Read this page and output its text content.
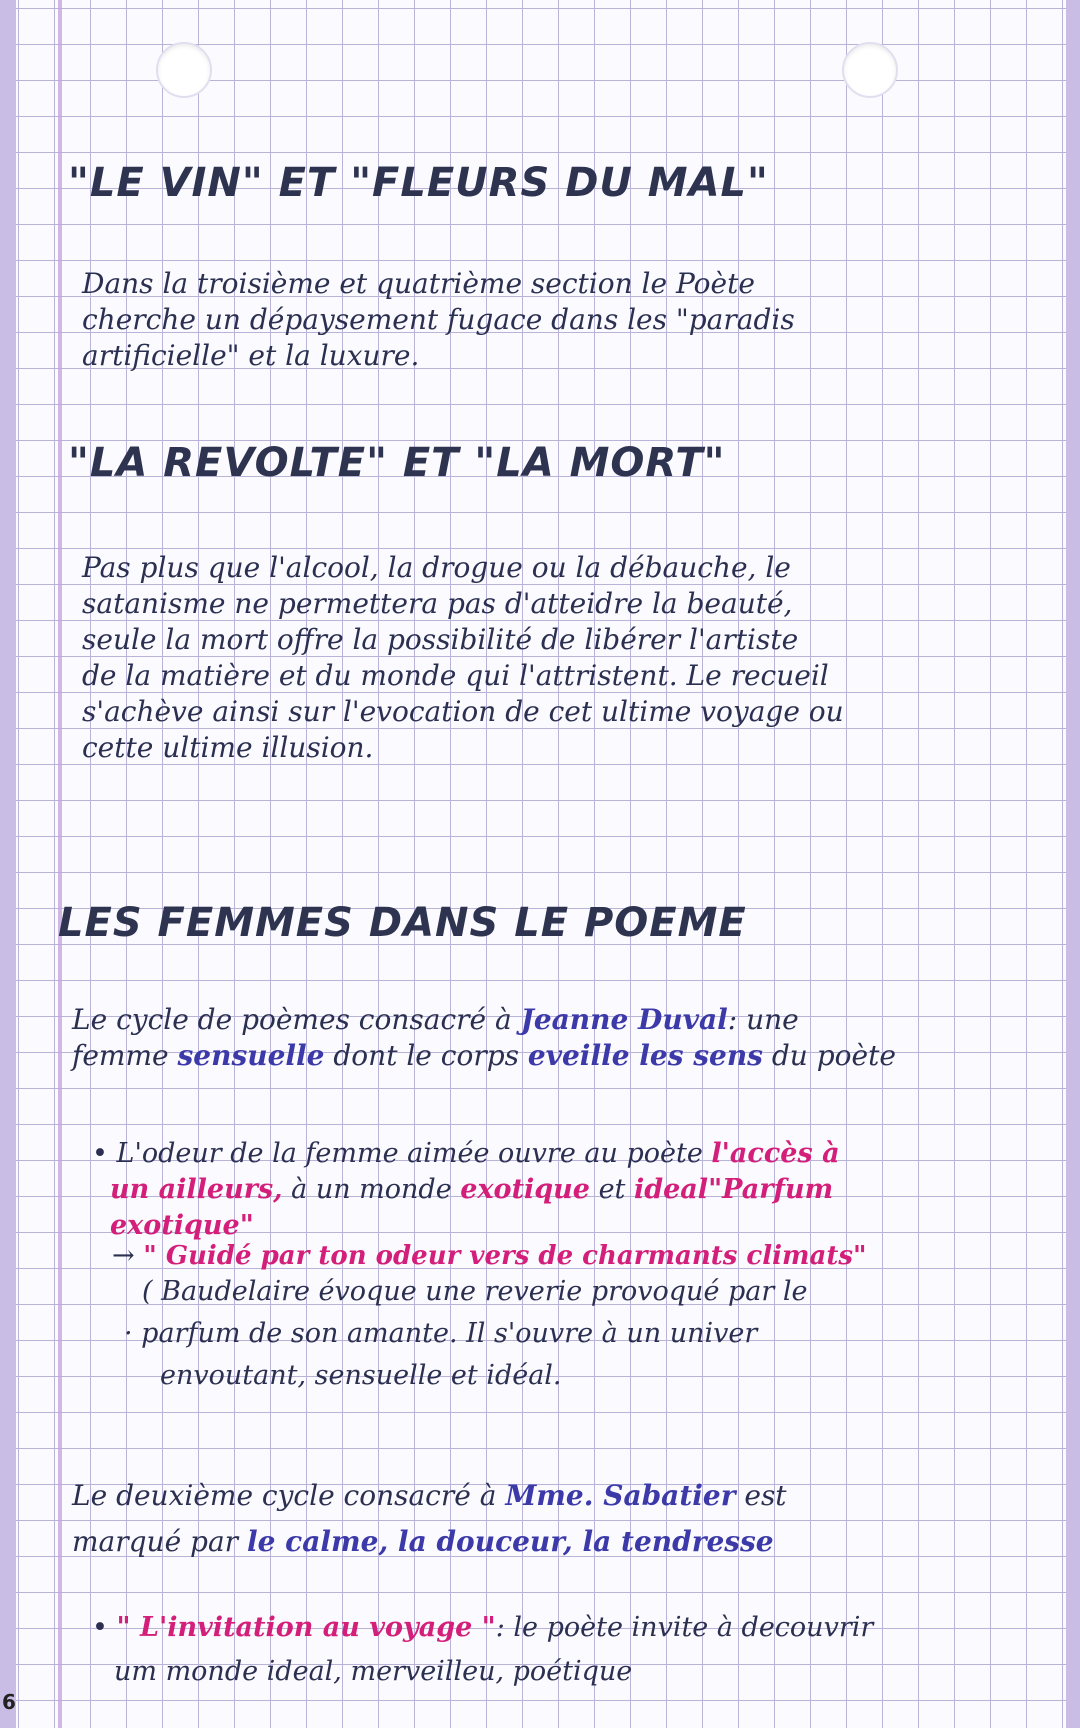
"LE VIN" ET "FLEURS DU MAL"
Dans la troisième et quatrième section le Poète
cherche un dépaysement fugace dans les "paradis
artificielle" et la luxure.
"LA REVOLTE" ET "LA MORT"
Pas plus que l'alcool, la drogue ou la débauche, le
satanisme ne permettera pas d'atteidre la beauté,
seule la mort offre la possibilité de libérer l'artiste
de la matière et du monde qui l'attristent. Le recueil
s'achève ainsi sur l'evocation de cet ultime voyage ou
cette ultime illusion.
LES FEMMES DANS LE POEME
Le cycle de poèmes consacré à Jeanne Duval: une
femme sensuelle dont le corps eveille les sens du poète
• L'odeur de la femme aimée ouvre au poète l'accès à
un ailleurs, à un monde exotique et ideal"Parfum
exotique"
→ " Guidé par ton odeur vers de charmants climats"
( Baudelaire évoque une reverie provoqué par le
· parfum de son amante. Il s'ouvre à un univer
envoutant, sensuelle et idéal.
Le deuxième cycle consacré à Mme. Sabatier est
marqué par le calme, la douceur, la tendresse
• " L'invitation au voyage ": le poète invite à decouvrir
um monde ideal, merveilleu, poétique
6
